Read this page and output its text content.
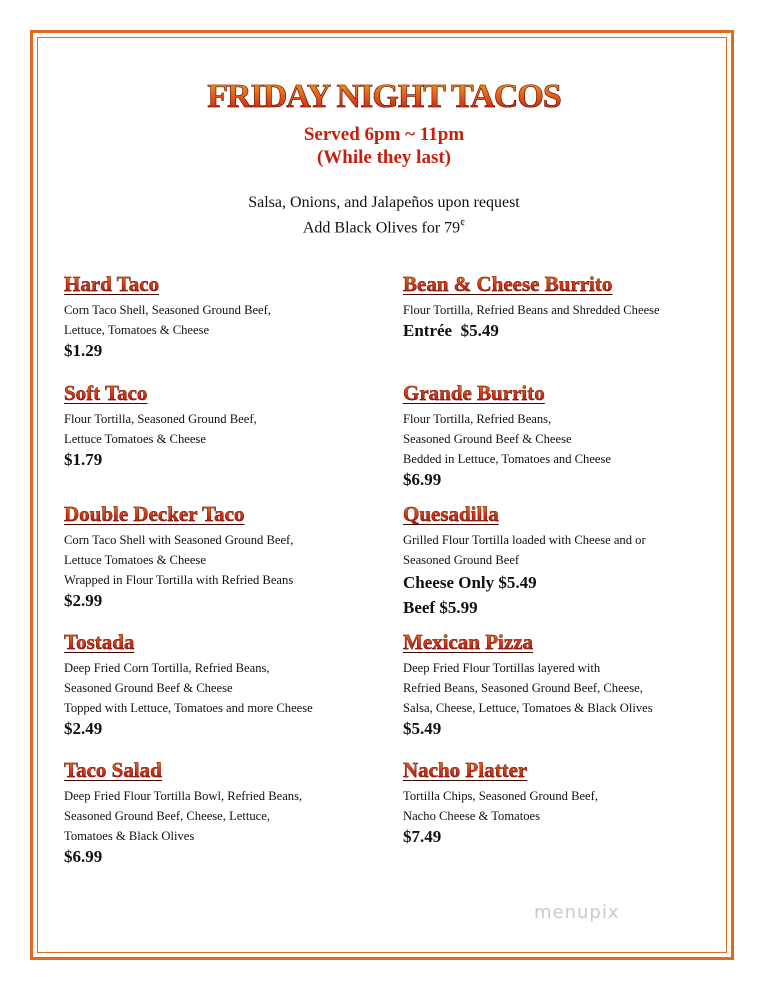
FRIDAY NIGHT TACOS
Served 6pm ~ 11pm
(While they last)
Salsa, Onions, and Jalapeños upon request
Add Black Olives for 79¢
Hard Taco
Corn Taco Shell, Seasoned Ground Beef,
Lettuce, Tomatoes & Cheese
$1.29
Soft Taco
Flour Tortilla, Seasoned Ground Beef,
Lettuce Tomatoes & Cheese
$1.79
Double Decker Taco
Corn Taco Shell with Seasoned Ground Beef,
Lettuce Tomatoes & Cheese
Wrapped in Flour Tortilla with Refried Beans
$2.99
Tostada
Deep Fried Corn Tortilla, Refried Beans,
Seasoned Ground Beef & Cheese
Topped with Lettuce, Tomatoes and more Cheese
$2.49
Taco Salad
Deep Fried Flour Tortilla Bowl, Refried Beans,
Seasoned Ground Beef, Cheese, Lettuce,
Tomatoes & Black Olives
$6.99
Bean & Cheese Burrito
Flour Tortilla, Refried Beans and Shredded Cheese
Entrée  $5.49
Grande Burrito
Flour Tortilla, Refried Beans,
Seasoned Ground Beef & Cheese
Bedded in Lettuce, Tomatoes and Cheese
$6.99
Quesadilla
Grilled Flour Tortilla loaded with Cheese and or
Seasoned Ground Beef
Cheese Only $5.49
Beef $5.99
Mexican Pizza
Deep Fried Flour Tortillas layered with
Refried Beans, Seasoned Ground Beef, Cheese,
Salsa, Cheese, Lettuce, Tomatoes & Black Olives
$5.49
Nacho Platter
Tortilla Chips, Seasoned Ground Beef,
Nacho Cheese & Tomatoes
$7.49
menupix
